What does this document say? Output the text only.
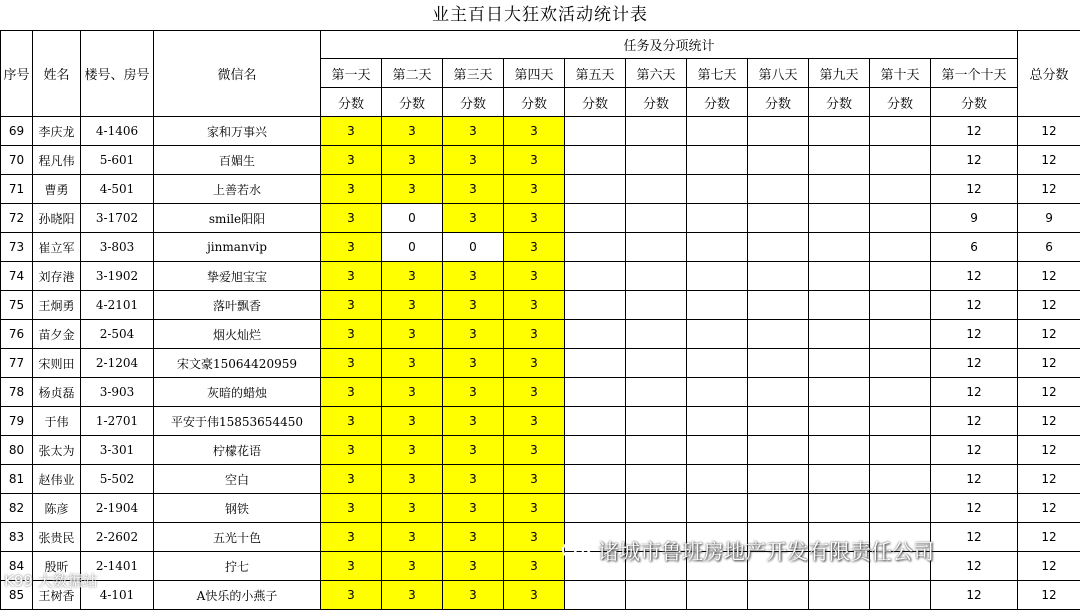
业主百日大狂欢活动统计表
序号	姓名	楼号、房号	微信名	任务及分项统计											总分数
				第一天	第二天	第三天	第四天	第五天	第六天	第七天	第八天	第九天	第十天	第一个十天	
				分数	分数	分数	分数	分数	分数	分数	分数	分数	分数	分数	
69	李庆龙	4-1406	家和万事兴	3	3	3	3							12	12
70	程凡伟	5-601	百媚生	3	3	3	3							12	12
71	曹勇	4-501	上善若水	3	3	3	3							12	12
72	孙晓阳	3-1702	smile阳阳	3	0	3	3							9	9
73	崔立军	3-803	jinmanvip	3	0	0	3							6	6
74	刘存港	3-1902	挚爱旭宝宝	3	3	3	3							12	12
75	王炯勇	4-2101	落叶飘香	3	3	3	3							12	12
76	苗夕金	2-504	烟火灿烂	3	3	3	3							12	12
77	宋则田	2-1204	宋文豪15064420959	3	3	3	3							12	12
78	杨贞磊	3-903	灰暗的蜡烛	3	3	3	3							12	12
79	于伟	1-2701	平安于伟15853654450	3	3	3	3							12	12
80	张太为	3-301	柠檬花语	3	3	3	3							12	12
81	赵伟业	5-502	空白	3	3	3	3							12	12
82	陈彦	2-1904	钢铁	3	3	3	3							12	12
83	张贵民	2-2602	五光十色	3	3	3	3							12	12
84	殷昕	2-1401	拧七	3	3	3	3							12	12
85	王树香	4-101	A快乐的小燕子	3	3	3	3							12	12
诸城市鲁班房地产开发有限责任公司
K99 大数据站
